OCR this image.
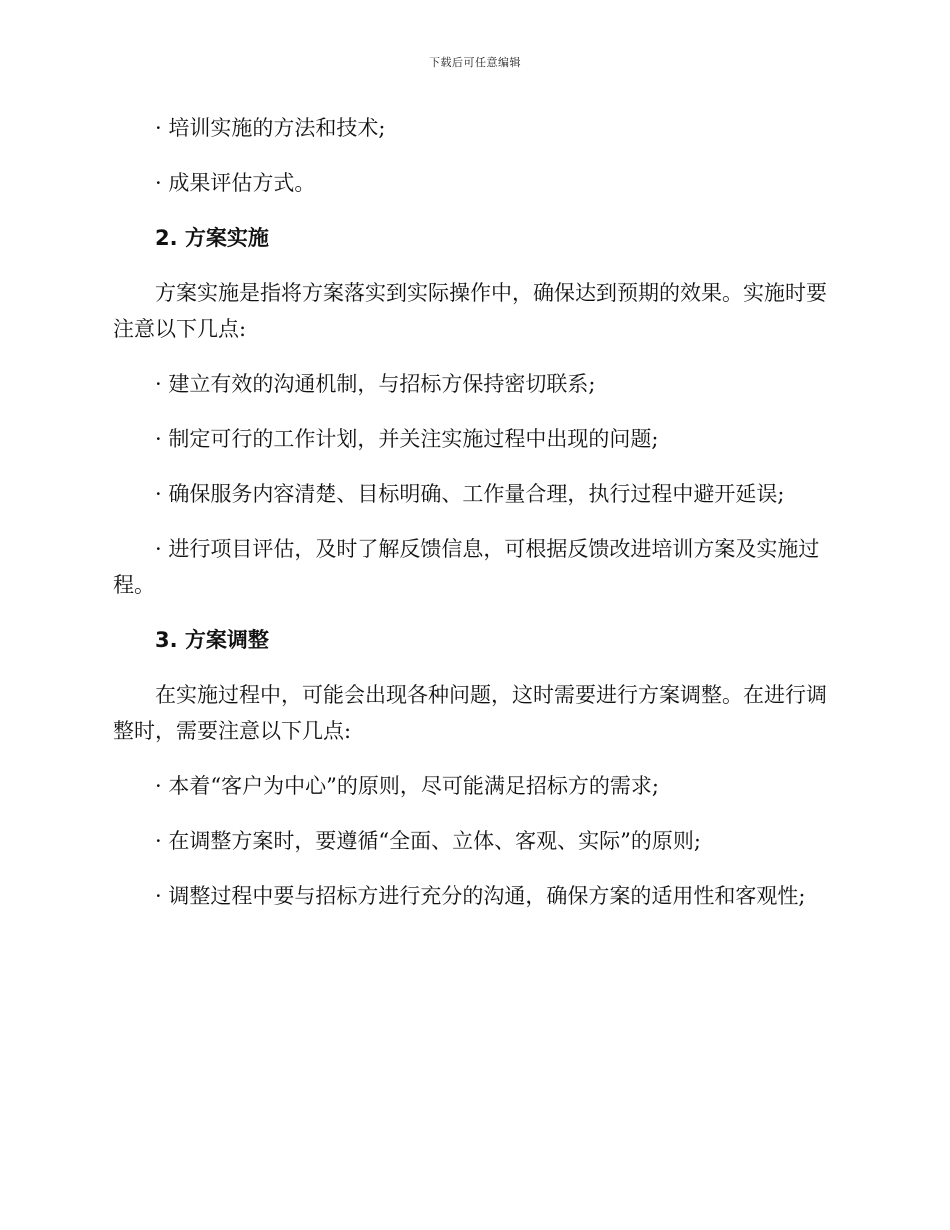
下载后可任意编辑

· 培训实施的方法和技术;

· 成果评估方式。

2. 方案实施

方案实施是指将方案落实到实际操作中，确保达到预期的效果。实施时要注意以下几点:

· 建立有效的沟通机制，与招标方保持密切联系;

· 制定可行的工作计划，并关注实施过程中出现的问题;

· 确保服务内容清楚、目标明确、工作量合理，执行过程中避开延误;

· 进行项目评估，及时了解反馈信息，可根据反馈改进培训方案及实施过程。

3. 方案调整

在实施过程中，可能会出现各种问题，这时需要进行方案调整。在进行调整时，需要注意以下几点:

· 本着“客户为中心”的原则，尽可能满足招标方的需求;

· 在调整方案时，要遵循“全面、立体、客观、实际”的原则;

· 调整过程中要与招标方进行充分的沟通，确保方案的适用性和客观性;
